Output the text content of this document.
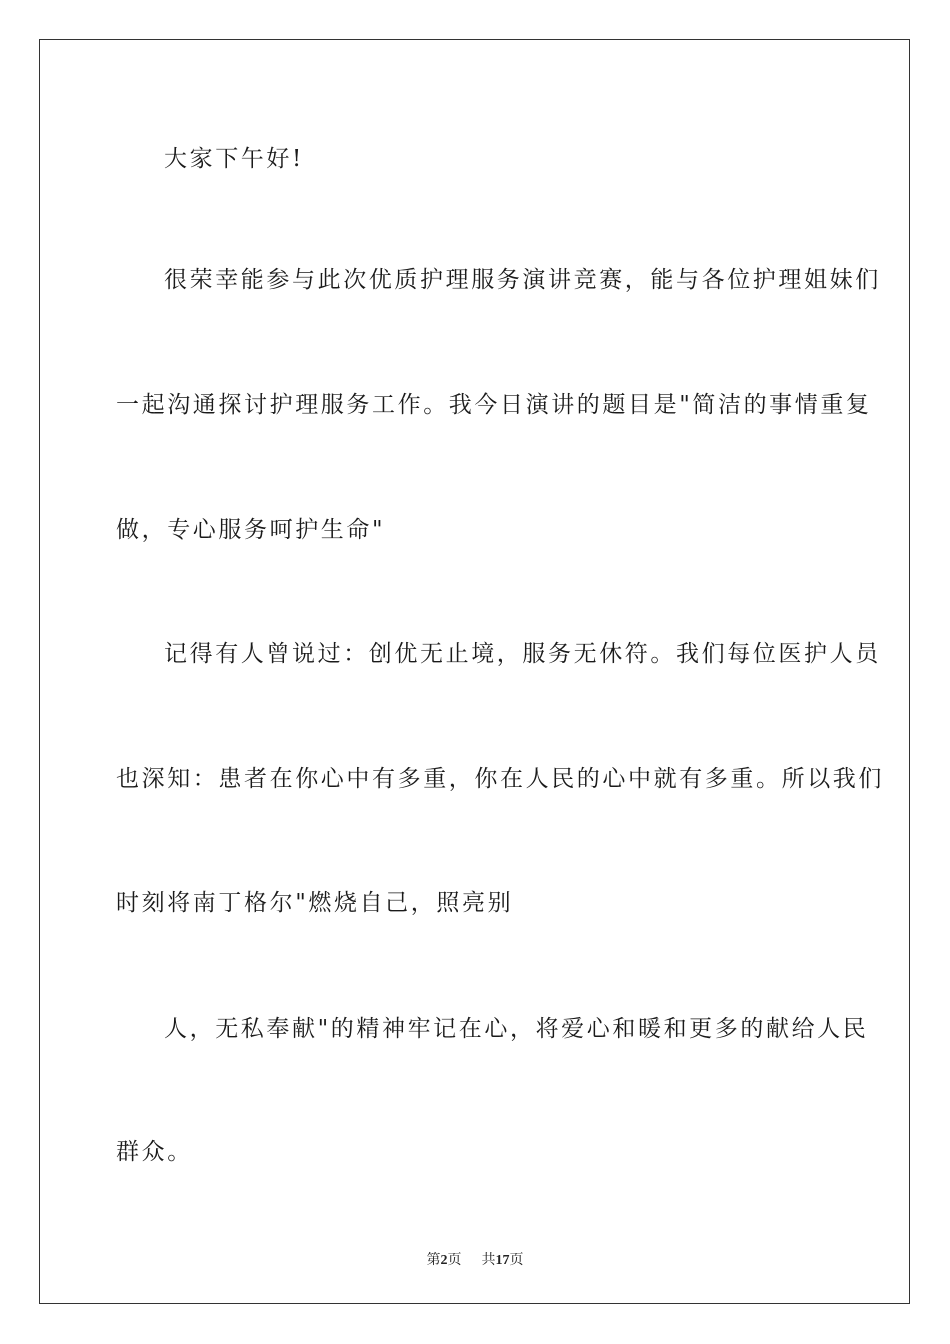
大家下午好!
很荣幸能参与此次优质护理服务演讲竞赛，能与各位护理姐妹们
一起沟通探讨护理服务工作。我今日演讲的题目是"简洁的事情重复
做，专心服务呵护生命"
记得有人曾说过：创优无止境，服务无休符。我们每位医护人员
也深知：患者在你心中有多重，你在人民的心中就有多重。所以我们
时刻将南丁格尔"燃烧自己，照亮别
人，无私奉献"的精神牢记在心，将爱心和暖和更多的献给人民
群众。
第2页 共17页
